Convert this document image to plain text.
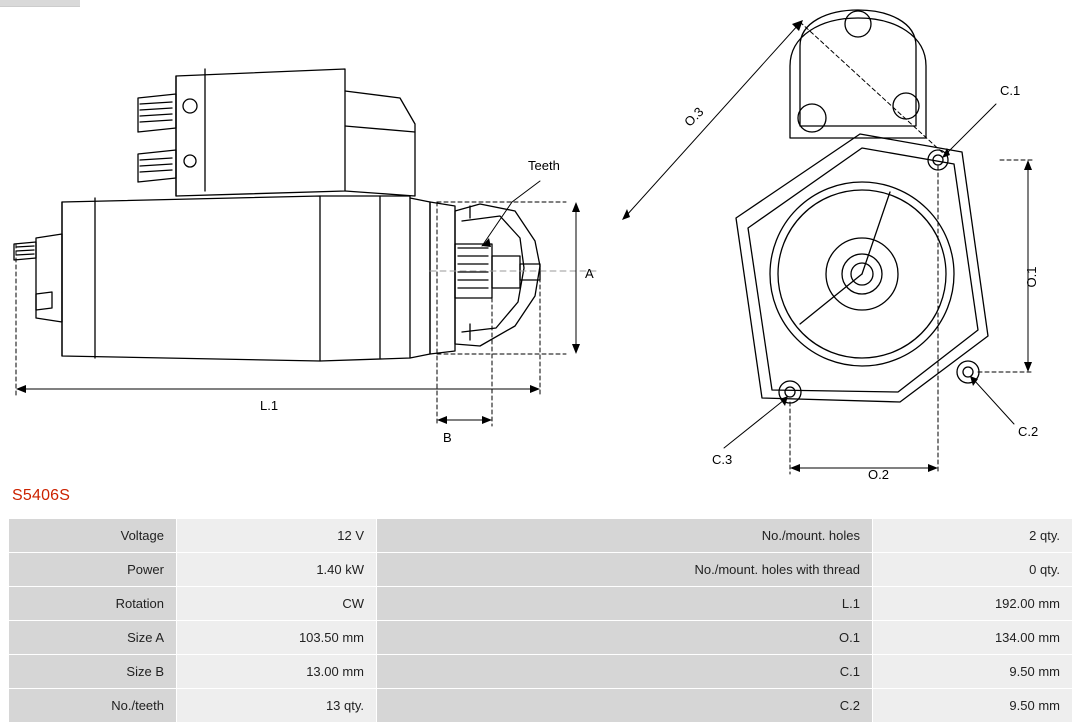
Teeth
A
B
L.1
O.2
C.3
C.1
C.2
O.1
O.3
S5406S
Voltage	12 V	No./mount. holes	2 qty.
Power	1.40 kW	No./mount. holes with thread	0 qty.
Rotation	CW	L.1	192.00 mm
Size A	103.50 mm	O.1	134.00 mm
Size B	13.00 mm	C.1	9.50 mm
No./teeth	13 qty.	C.2	9.50 mm
